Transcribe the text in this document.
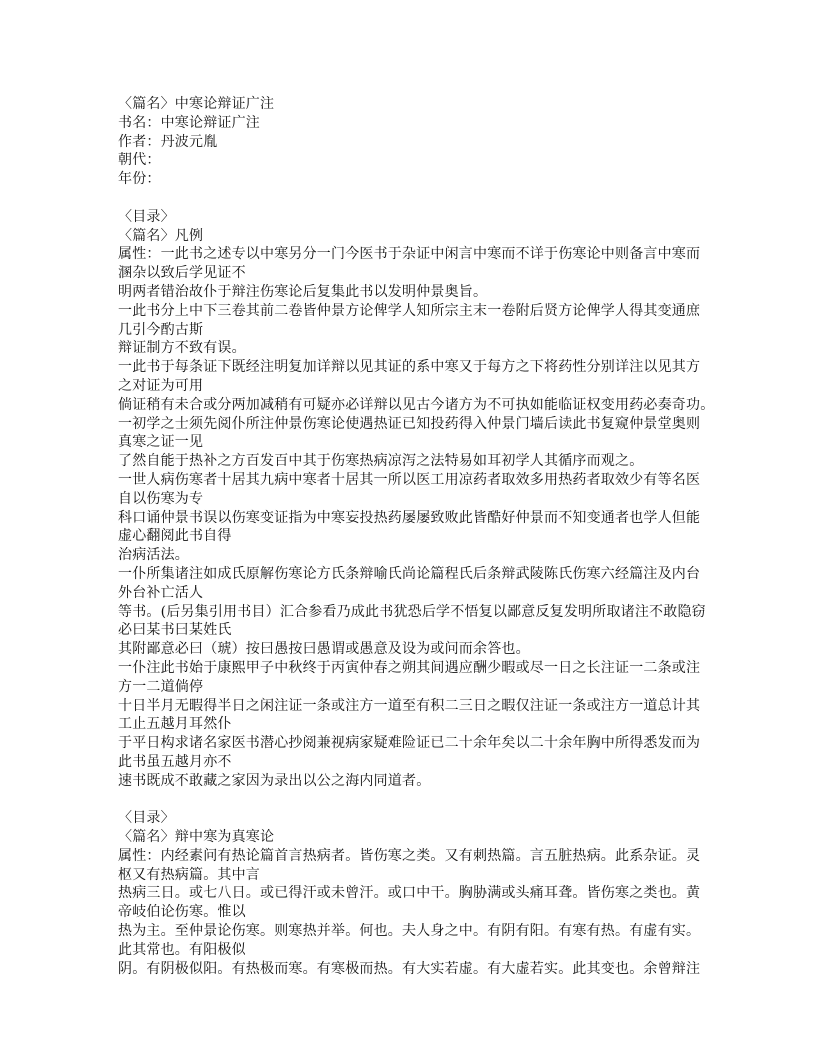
〈篇名〉中寒论辩证广注
书名：中寒论辩证广注
作者：丹波元胤
朝代：
年份：
〈目录〉
〈篇名〉凡例
属性：一此书之述专以中寒另分一门今医书于杂证中闲言中寒而不详于伤寒论中则备言中寒而
溷杂以致后学见证不
明两者错治故仆于辩注伤寒论后复集此书以发明仲景奥旨。
一此书分上中下三卷其前二卷皆仲景方论俾学人知所宗主末一卷附后贤方论俾学人得其变通庶
几引今酌古斯
辩证制方不致有误。
一此书于每条证下既经注明复加详辩以见其证的系中寒又于每方之下将药性分别详注以见其方
之对证为可用
倘证稍有未合或分两加减稍有可疑亦必详辩以见古今诸方为不可执如能临证权变用药必奏奇功。
一初学之士须先阅仆所注仲景伤寒论使遇热证已知投药得入仲景门墙后读此书复窥仲景堂奥则
真寒之证一见
了然自能于热补之方百发百中其于伤寒热病凉泻之法特易如耳初学人其循序而观之。
一世人病伤寒者十居其九病中寒者十居其一所以医工用凉药者取效多用热药者取效少有等名医
自以伤寒为专
科口诵仲景书误以伤寒变证指为中寒妄投热药屡屡致败此皆酷好仲景而不知变通者也学人但能
虚心翻阅此书自得
治病活法。
一仆所集诸注如成氏原解伤寒论方氏条辩喻氏尚论篇程氏后条辩武陵陈氏伤寒六经篇注及内台
外台补亡活人
等书。(后另集引用书目）汇合参看乃成此书犹恐后学不悟复以鄙意反复发明所取诸注不敢隐窃
必曰某书曰某姓氏
其附鄙意必曰（琥）按曰愚按曰愚谓或愚意及设为或问而余答也。
一仆注此书始于康熙甲子中秋终于丙寅仲春之朔其间遇应酬少暇或尽一日之长注证一二条或注
方一二道倘停
十日半月无暇得半日之闲注证一条或注方一道至有积二三日之暇仅注证一条或注方一道总计其
工止五越月耳然仆
于平日构求诸名家医书潜心抄阅兼视病家疑难险证已二十余年矣以二十余年胸中所得悉发而为
此书虽五越月亦不
速书既成不敢藏之家因为录出以公之海内同道者。
〈目录〉
〈篇名〉辩中寒为真寒论
属性：内经素问有热论篇首言热病者。皆伤寒之类。又有刺热篇。言五脏热病。此系杂证。灵
枢又有热病篇。其中言
热病三日。或七八日。或已得汗或未曾汗。或口中干。胸胁满或头痛耳聋。皆伤寒之类也。黄
帝岐伯论伤寒。惟以
热为主。至仲景论伤寒。则寒热并举。何也。夫人身之中。有阴有阳。有寒有热。有虚有实。
此其常也。有阳极似
阴。有阴极似阳。有热极而寒。有寒极而热。有大实若虚。有大虚若实。此其变也。余曾辩注
